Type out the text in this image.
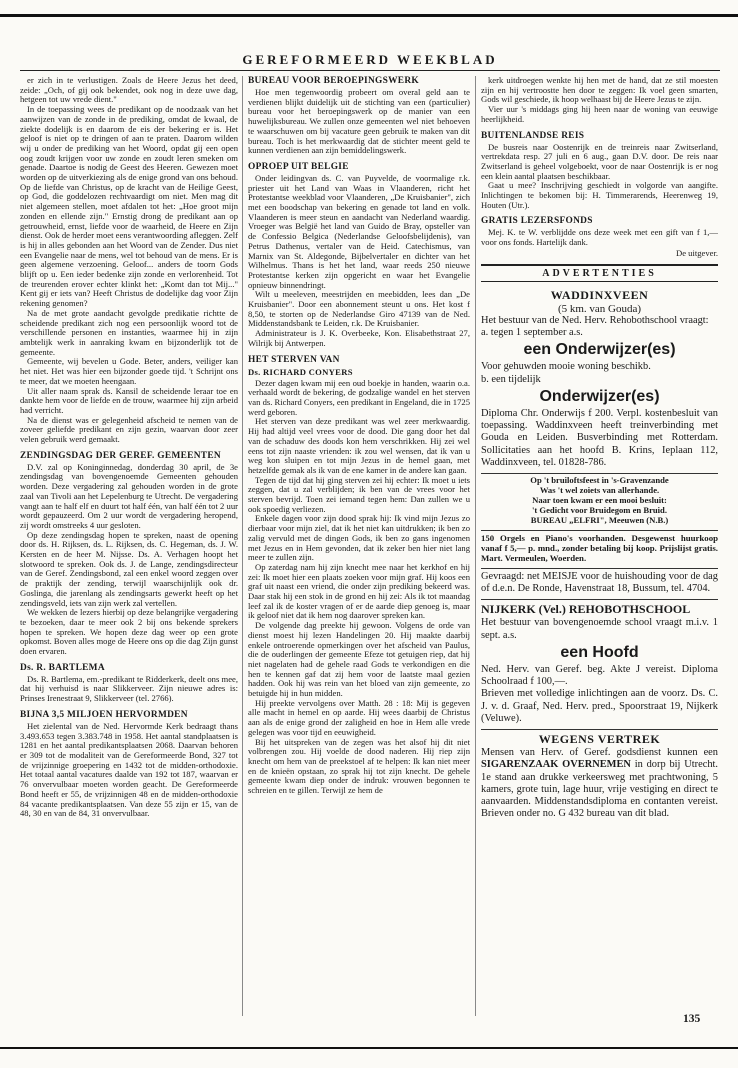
GEREFORMEERD WEEKBLAD

er zich in te verlustigen. Zoals de Heere Jezus het deed, zeide: „Och, of gij ook bekendet, ook nog in deze uwe dag, hetgeen tot uw vrede dient."

In de toepassing wees de predikant op de noodzaak van het aanwijzen van de zonde in de prediking, omdat de kwaal, de ziekte dodelijk is en daarom de eis der bekering er is. Het geloof is niet op te dringen of aan te praten. Daarom wilden wij u onder de prediking van het Woord, opdat gij een open oog zoudt krijgen voor uw zonde en zoudt leren smeken om genade. Daartoe is nodig de Geest des Heeren. Gewezen moet worden op de uitverkiezing als de enige grond van ons behoud. Op de liefde van Christus, op de kracht van de Heilige Geest, op God, die goddelozen rechtvaardigt om niet. Men mag dit niet algemeen stellen, moet afdalen tot het: „Hoe groot mijn zonden en ellende zijn." Ernstig drong de predikant aan op getrouwheid, ernst, liefde voor de waarheid, de Heere en Zijn dienst. Ook de herder moet eens verantwoording afleggen. Zelf is hij in alles gebonden aan het Woord van de Zender. Dus niet een Evangelie naar de mens, wel tot behoud van de mens. Er is geen algemene verzoening. Geloof... anders de toorn Gods blijft op u. Een ieder bedenke zijn zonde en verlorenheid. Tot de treurenden erover echter klinkt het: „Komt dan tot Mij..." Kent gij er iets van? Heeft Christus de dodelijke dag voor Zijn rekening genomen?

Na de met grote aandacht gevolgde predikatie richtte de scheidende predikant zich nog een persoonlijk woord tot de verschillende personen en instanties, waarmee hij in zijn ambtelijk werk in aanraking kwam en bijzonderlijk tot de gemeente.

Gemeente, wij bevelen u Gode. Beter, anders, veiliger kan het niet. Het was hier een bijzonder goede tijd. 't Schrijnt ons te meer, dat we moeten heengaan.

Uit aller naam sprak ds. Kansil de scheidende leraar toe en dankte hem voor de liefde en de trouw, waarmee hij zijn arbeid had verricht.

Na de dienst was er gelegenheid afscheid te nemen van de zoveer geliefde predikant en zijn gezin, waarvan door zeer velen gebruik werd gemaakt.

ZENDINGSDAG DER GEREF. GEMEENTEN

D.V. zal op Koninginnedag, donderdag 30 april, de 3e zendingsdag van bovengenoemde Gemeenten gehouden worden. Deze vergadering zal gehouden worden in de grote zaal van Tivoli aan het Lepelenburg te Utrecht. De vergadering vangt aan te half elf en duurt tot half één, van half één tot 2 uur wordt gepauzeerd. Om 2 uur wordt de vergadering heropend, zij wordt omstreeks 4 uur gesloten.

Op deze zendingsdag hopen te spreken, naast de opening door ds. H. Rijksen, ds. L. Rijksen, ds. C. Hegeman, ds. J. W. Kersten en de heer M. Nijsse. Ds. A. Verhagen hoopt het slotwoord te spreken. Ook ds. J. de Lange, zendingsdirecteur van de Geref. Zendingsbond, zal een enkel woord zeggen over de praktijk der zending, terwijl waarschijnlijk ook dr. Goslinga, die jarenlang als zendingsarts gewerkt heeft op het zendingsveld, iets van zijn werk zal vertellen.

We wekken de lezers hierbij op deze belangrijke vergadering te bezoeken, daar te meer ook 2 bij ons bekende sprekers hopen te spreken. We hopen deze dag weer op een grote opkomst. Boven alles moge de Heere ons op die dag Zijn gunst doen ervaren.

Ds. R. BARTLEMA

Ds. R. Bartlema, em.-predikant te Ridderkerk, deelt ons mee, dat hij verhuisd is naar Slikkerveer. Zijn nieuwe adres is: Prinses Irenestraat 9, Slikkerveer (tel. 2766).

BIJNA 3,5 MILJOEN HERVORMDEN

Het zielental van de Ned. Hervormde Kerk bedraagt thans 3.493.653 tegen 3.383.748 in 1958. Het aantal standplaatsen is 1281 en het aantal predikantsplaatsen 2068. Daarvan behoren er 309 tot de modaliteit van de Gereformeerde Bond, 327 tot de vrijzinnige groepering en 1432 tot de midden-orthodoxie. Het totaal aantal vacatures daalde van 192 tot 187, waarvan er 76 onvervulbaar moeten worden geacht. De Gereformeerde Bond heeft er 55, de vrijzinnigen 48 en de midden-orthodoxie 84 vacante predikantsplaatsen. Van deze 55 zijn er 15, van de 48, 30 en van de 84, 31 onvervulbaar.

BUREAU VOOR BEROEPINGSWERK

Hoe men tegenwoordig probeert om overal geld aan te verdienen blijkt duidelijk uit de stichting van een (particulier) bureau voor het beroepingswerk op de manier van een huwelijksbureau. We zullen onze gemeenten wel niet behoeven te waarschuwen om bij vacature geen gebruik te maken van dit bureau. Toch is het merkwaardig dat de stichter meent geld te kunnen verdienen aan zijn bemiddelingswerk.

OPROEP UIT BELGIE

Onder leidingvan ds. C. van Puyvelde, de voormalige r.k. priester uit het Land van Waas in Vlaanderen, richt het Protestantse weekblad voor Vlaanderen, „De Kruisbanier", zich met een boodschap van bekering en genade tot land en volk. Vlaanderen is meer steun en aandacht van Nederland waardig. Vroeger was België het land van Guido de Bray, opsteller van de Confessio Belgica (Nederlandse Geloofsbelijdenis), van Petrus Dathenus, vertaler van de Heid. Catechismus, van Marnix van St. Aldegonde, Bijbelvertaler en dichter van het Wilhelmus. Thans is het het land, waar reeds 250 nieuwe Protestantse kerken zijn opgericht en waar het Evangelie opnieuw binnendringt.

Wilt u meeleven, meestrijden en meebidden, lees dan „De Kruisbanier". Door een abonnement steunt u ons. Het kost f 8,50, te storten op de Nederlandse Giro 47139 van de Ned. Middenstandsbank te Leiden, r.k. De Kruisbanier.

Administrateur is J. K. Overbeeke, Kon. Elisabethstraat 27, Wilrijk bij Antwerpen.

HET STERVEN VAN
Ds. RICHARD CONYERS

Dezer dagen kwam mij een oud boekje in handen, waarin o.a. verhaald wordt de bekering, de godzalige wandel en het sterven van ds. Richard Conyers, een predikant in Engeland, die in 1725 werd geboren.

Het sterven van deze predikant was wel zeer merkwaardig. Hij had altijd veel vrees voor de dood. Die gang door het dal van de schaduw des doods kon hem verschrikken. Hij zei wel eens tot zijn naaste vrienden: ik zou wel wensen, dat ik van u weg kon sluipen en tot mijn Jezus in de hemel gaan, met hetzelfde gemak als ik van de ene kamer in de andere kan gaan.

Tegen de tijd dat hij ging sterven zei hij echter: Ik moet u iets zeggen, dat u zal verblijden; ik ben van de vrees voor het sterven bevrijd. Toen zei iemand tegen hem: Dan zullen we u ook spoedig verliezen.

Enkele dagen voor zijn dood sprak hij: Ik vind mijn Jezus zo dierbaar voor mijn ziel, dat ik het niet kan uitdrukken; ik ben zo zalig vervuld met de dingen Gods, ik ben zo gans ingenomen met Jezus en in Hem gevonden, dat ik zeker ben hier niet lang meer te zullen zijn.

Op zaterdag nam hij zijn knecht mee naar het kerkhof en hij zei: Ik moet hier een plaats zoeken voor mijn graf. Hij koos een graf uit naast een vriend, die onder zijn prediking bekeerd was. Daar stak hij een stok in de grond en hij zei: Als ik tot maandag leef zal ik de koster vragen of er de aarde diep genoeg is, maar ik geloof niet dat ik hem nog daarover spreken kan.

De volgende dag preekte hij gewoon. Volgens de orde van dienst moest hij lezen Handelingen 20. Hij maakte daarbij enkele ontroerende opmerkingen over het afscheid van Paulus, die de ouderlingen der gemeente Efeze tot getuigen riep, dat hij niet nagelaten had de gehele raad Gods te verkondigen en die hen te kennen gaf dat zij hem voor de laatste maal gezien hadden. Ook hij was rein van het bloed van zijn gemeente, zo betuigde hij in hun midden.

Hij preekte vervolgens over Matth. 28 : 18: Mij is gegeven alle macht in hemel en op aarde. Hij wees daarbij de Christus aan als de enige grond der zaligheid en hoe in Hem alle vrede gelegen was voor tijd en eeuwigheid.

Bij het uitspreken van de zegen was het alsof hij dit niet volbrengen zou. Hij voelde de dood naderen. Hij riep zijn knecht om hem van de preekstoel af te helpen: Ik kan niet meer en de knieën opstaan, zo sprak hij tot zijn knecht. De gehele gemeente kwam diep onder de indruk: vrouwen begonnen te schreien en te gillen. Terwijl ze hem de

kerk uitdroegen wenkte hij hen met de hand, dat ze stil moesten zijn en hij vertroostte hen door te zeggen: Ik voel geen smarten, Gods wil geschiede, ik hoop welhaast bij de Heere Jezus te zijn.

Vier uur 's middags ging hij heen naar de woning van eeuwige heerlijkheid.

BUITENLANDSE REIS

De busreis naar Oostenrijk en de treinreis naar Zwitserland, vertrekdata resp. 27 juli en 6 aug., gaan D.V. door. De reis naar Zwitserland is geheel volgeboekt, voor de naar Oostenrijk is er nog een klein aantal plaatsen beschikbaar.

Gaat u mee? Inschrijving geschiedt in volgorde van aangifte. Inlichtingen te bekomen bij: H. Timmerarends, Heerenweg 19, Houten (Utr.).

GRATIS LEZERSFONDS

Mej. K. te W. verblijdde ons deze week met een gift van f 1,— voor ons fonds. Hartelijk dank.

De uitgever.
ADVERTENTIES
WADDINXVEEN
(5 km. van Gouda)

Het bestuur van de Ned. Herv. Rehobothschool vraagt:

a. tegen 1 september a.s.

een Onderwijzer(es)

Voor gehuwden mooie woning beschikb.

b. een tijdelijk

Onderwijzer(es)

Diploma Chr. Onderwijs f 200. Verpl. kostenbesluit van toepassing. Waddinxveen heeft treinverbinding met Gouda en Leiden. Busverbinding met Rotterdam. Sollicitaties aan het hoofd B. Krins, Ieplaan 112, Waddinxveen, tel. 01828-786.

Op 't bruiloftsfeest in 's-Gravenzande
Was 't wel zoiets van allerhande.
Naar toen kwam er een mooi besluit:
't Gedicht voor Bruidegom en Bruid.
BUREAU „ELFRI", Meeuwen (N.B.)

150 Orgels en Piano's voorhanden. Desgewenst huurkoop vanaf f 5,— p. mnd., zonder betaling bij koop. Prijslijst gratis. Mart. Vermeulen, Woerden.

Gevraagd: net MEISJE voor de huishouding voor de dag of d.e.n. De Ronde, Havenstraat 18, Bussum, tel. 4704.

NIJKERK (Vel.) REHOBOTHSCHOOL

Het bestuur van bovengenoemde school vraagt m.i.v. 1 sept. a.s.

een Hoofd

Ned. Herv. van Geref. beg. Akte J vereist. Diploma Schoolraad f 100,—.

Brieven met volledige inlichtingen aan de voorz. Ds. C. J. v. d. Graaf, Ned. Herv. pred., Spoorstraat 19, Nijkerk (Veluwe).

WEGENS VERTREK

Mensen van Herv. of Geref. godsdienst kunnen een SIGARENZAAK OVERNEMEN in dorp bij Utrecht. 1e stand aan drukke verkeersweg met prachtwoning, 5 kamers, grote tuin, lage huur, vrije vestiging en direct te aanvaarden. Middenstandsdiploma en contanten vereist. Brieven onder no. G 432 bureau van dit blad.

135
